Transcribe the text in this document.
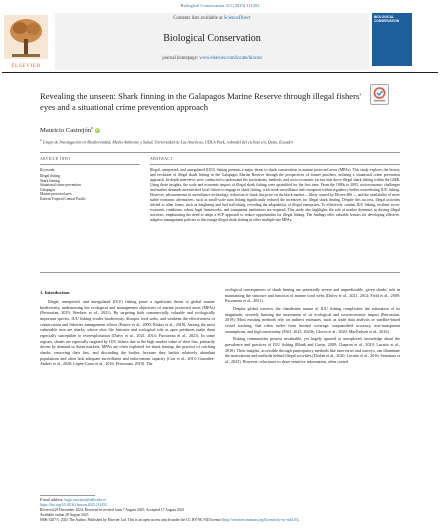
Biological Conservation 311 (2025) 111452
Contents lists available at ScienceDirect
Biological Conservation
journal homepage: www.elsevier.com/locate/biocon
ELSEVIER
BIOLOGICAL CONSERVATION
Revealing the unseen: Shark finning in the Galapagos Marine Reserve through illegal fishers' eyes and a situational crime prevention approach
Mauricio Castrejón$^a$iD
$^a$ Grupo de Investigación en Biodiversidad, Medio Ambiente y Salud, Universidad de Las Américas, UDLA Park, redondel del ciclista s/n, Quito, Ecuador
ARTICLE INFO	ABSTRACT
Keywords:
Illegal fishing
Shark finning
Situational crime prevention
Galapagos
Marine protected area
Eastern Tropical Central Pacific
Illegal, unreported, and unregulated (IUU) fishing presents a major threat to shark conservation in marine protected areas (MPAs). This study explores the history and evolution of illegal shark fishing in the Galapagos Marine Reserve through the perspectives of former poachers, utilizing a situational crime prevention approach. In-depth interviews were conducted to understand the motivations, methods, and socio-economic factors that drove illegal shark fishing within the GMR. Using these insights, the scale and economic impact of illegal shark fishing were quantified for the first time. From the 1980s to 2005, socioeconomic challenges and market demands incentivized local fishers to engage in shark fishing, with weak surveillance and corruption within regulatory bodies exacerbating IUU fishing. However, advancements in surveillance technology, reduction of shark fins price on the black market— likely caused by Decree 486 — and the availability of more stable economic alternatives, such as small-scale tuna fishing significantly reduced the incentives for illegal shark finning. Despite this success, illegal activities shifted to other forms, such as longlining and fuel trafficking, revealing the adaptability of illegal enterprises. To effectively combat IUU fishing, resilient socio-economic conditions, robust legal frameworks, and transparent institutions are required. This study also highlights the role of market dynamics in driving illegal activities, emphasizing the need to adopt a SCP approach to reduce opportunities for illegal fishing. The findings offer valuable lessons for developing effective, adaptive management policies to discourage illegal shark fishing in other multiple-use MPAs.
1. Introduction

Illegal, unreported, and unregulated (IUU) fishing poses a significant threat to global marine biodiversity, undermining the ecological and management objectives of marine protected areas (MPAs) (Petrossian, 2019; Weekers et al., 2021). By targeting both commercially valuable and ecologically important species, IUU fishing erodes biodiversity, disrupts food webs, and weakens the effectiveness of conservation and fisheries management efforts (Pauwe et al., 2009; Riskas et al., 2018). Among the most vulnerable taxa are sharks, whose slow life histories and ecological role as apex predators make them especially susceptible to overexploitation (Dulvy et al., 2021, 2014; Pacoureau et al., 2021). In some regions, sharks are especially targeted by IUU fishers due to the high market value of their fins, primarily driven by demand in Asian markets. MPAs are often exploited for shark finning, the practice of catching sharks, removing their fins, and discarding the bodies, because they harbor relatively abundant populations and often lack adequate surveillance and enforcement capacity (Carr et al., 2013; González-Andrés et al., 2020; López-Garro et al., 2016; Petrossian, 2019). The

ecological consequences of shark finning are potentially severe and unpredictable, given sharks' role in maintaining the structure and function of marine food webs (Dulvy et al., 2021, 2014; Field et al., 2009; Pacoureau et al., 2021).

Despite global concern, the clandestine nature of IUU fishing complicates the estimation of its magnitude, severely limiting the assessment of its ecological and socioeconomic impact (Petrossian, 2019). Most existing methods rely on indirect estimates, such as trade data analysis or satellite-based vessel tracking, that often suffer from limited coverage, unquantified accuracy, non-transparent assumptions, and high uncertainty (FAO, 2023, 2023b; Gloves et al., 2020; MacFadyen et al., 2016).

Fishing communities possess invaluable, yet largely ignored or unexplored, knowledge about the prevalence and practices of IUU fishing (Blank and Gavin, 2009; Chapron et al., 2019; Lucatto et al., 2016). Their insights, accessible through participatory methods like interviews and surveys, can illuminate the motivations and methods behind illegal activities (Dorlan et al., 2020; Lucatto et al., 2016; Seminara et al., 2023). However, reluctance to share sensitive information, often rooted

E-mail address: hugo.castrejon@udla.edu.ec
https://doi.org/10.1016/j.biocon.2025.111452
Received 29 December 2024; Received in revised form 7 August 2025; Accepted 17 August 2025
Available online 28 August 2025
0006-3207/© 2025 The Author. Published by Elsevier Ltd. This is an open access article under the CC BY-NC-ND license (http://creativecommons.org/licenses/by-nc-nd/4.0/).
